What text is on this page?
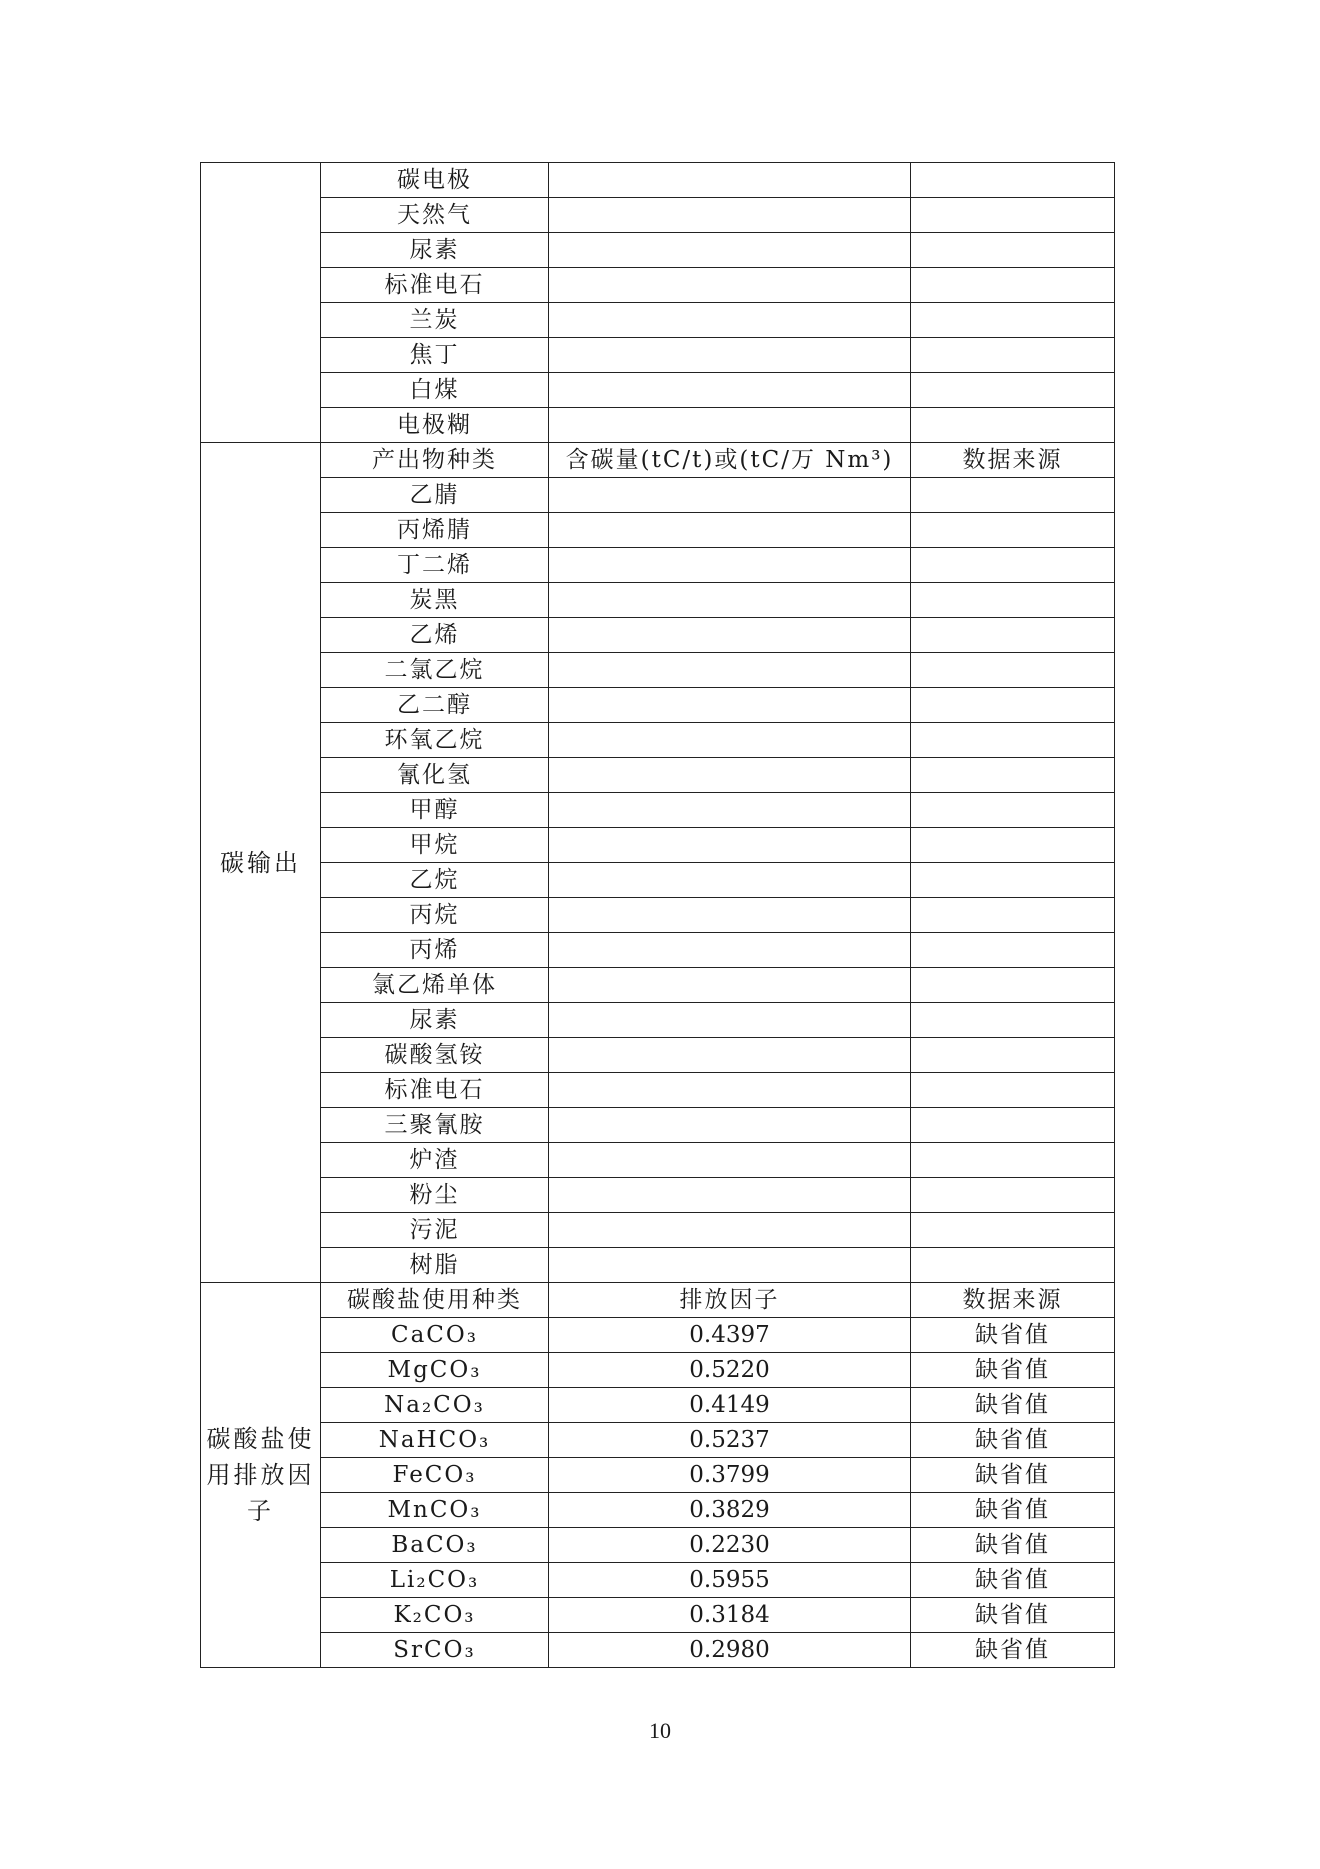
	碳电极		
	天然气		
	尿素		
	标准电石		
	兰炭		
	焦丁		
	白煤		
	电极糊		
碳输出	产出物种类	含碳量(tC/t)或(tC/万 Nm³)	数据来源
	乙腈		
	丙烯腈		
	丁二烯		
	炭黑		
	乙烯		
	二氯乙烷		
	乙二醇		
	环氧乙烷		
	氰化氢		
	甲醇		
	甲烷		
	乙烷		
	丙烷		
	丙烯		
	氯乙烯单体		
	尿素		
	碳酸氢铵		
	标准电石		
	三聚氰胺		
	炉渣		
	粉尘		
	污泥		
	树脂		
碳酸盐使用排放因子	碳酸盐使用种类	排放因子	数据来源
	CaCO₃	0.4397	缺省值
	MgCO₃	0.5220	缺省值
	Na₂CO₃	0.4149	缺省值
	NaHCO₃	0.5237	缺省值
	FeCO₃	0.3799	缺省值
	MnCO₃	0.3829	缺省值
	BaCO₃	0.2230	缺省值
	Li₂CO₃	0.5955	缺省值
	K₂CO₃	0.3184	缺省值
	SrCO₃	0.2980	缺省值
10
